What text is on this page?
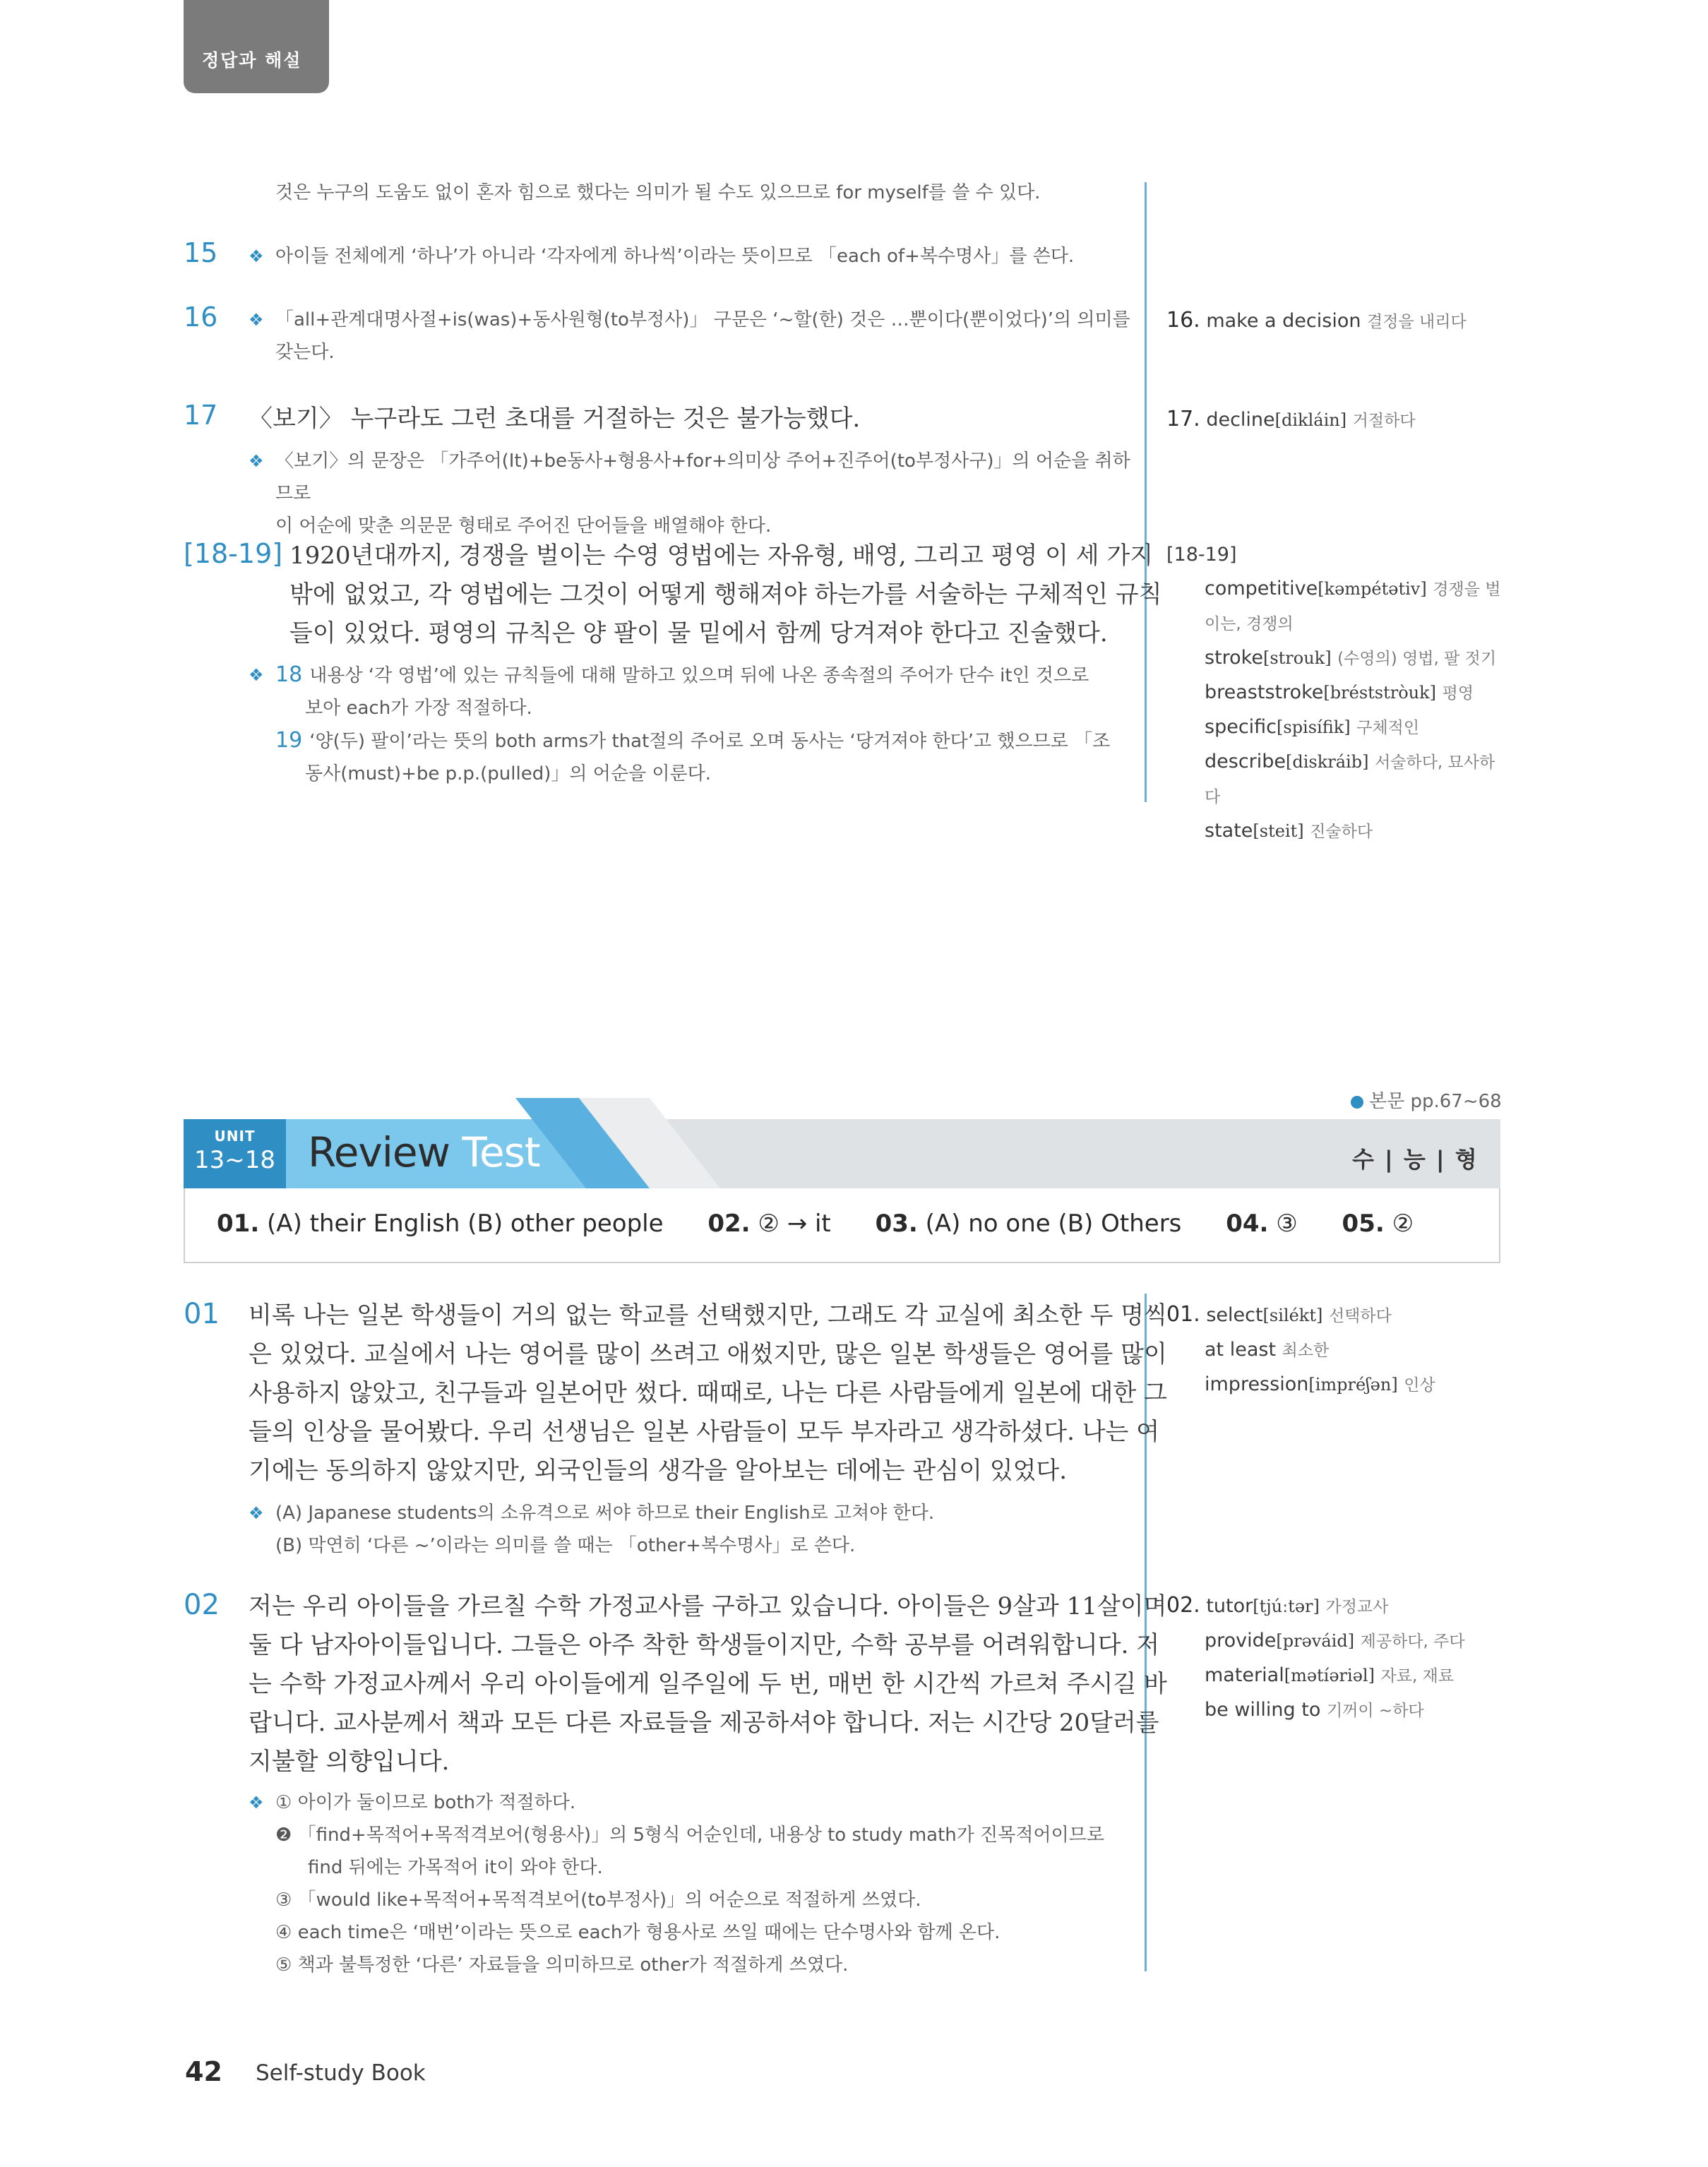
정답과 해설
것은 누구의 도움도 없이 혼자 힘으로 했다는 의미가 될 수도 있으므로 for myself를 쓸 수 있다.
15 ❖ 아이들 전체에게 ‘하나’가 아니라 ‘각자에게 하나씩’이라는 뜻이므로 「each of+복수명사」를 쓴다.
16 ❖ 「all+관계대명사절+is(was)+동사원형(to부정사)」 구문은 ‘~할(한) 것은 …뿐이다(뿐이었다)’의 의미를
갖는다.
16. make a decision 결정을 내리다
17 〈보기〉 누구라도 그런 초대를 거절하는 것은 불가능했다.
❖ 〈보기〉의 문장은 「가주어(It)+be동사+형용사+for+의미상 주어+진주어(to부정사구)」의 어순을 취하므로
이 어순에 맞춘 의문문 형태로 주어진 단어들을 배열해야 한다.
17. decline[dikláin] 거절하다
[18-19] 1920년대까지, 경쟁을 벌이는 수영 영법에는 자유형, 배영, 그리고 평영 이 세 가지
밖에 없었고, 각 영법에는 그것이 어떻게 행해져야 하는가를 서술하는 구체적인 규칙
들이 있었다. 평영의 규칙은 양 팔이 물 밑에서 함께 당겨져야 한다고 진술했다.
❖ 18 내용상 ‘각 영법’에 있는 규칙들에 대해 말하고 있으며 뒤에 나온 종속절의 주어가 단수 it인 것으로
보아 each가 가장 적절하다.
19 ‘양(두) 팔이’라는 뜻의 both arms가 that절의 주어로 오며 동사는 ‘당겨져야 한다’고 했으므로 「조
동사(must)+be p.p.(pulled)」의 어순을 이룬다.
[18-19]
competitive[kəmpétətiv] 경쟁을 벌
이는, 경쟁의
stroke[strouk] (수영의) 영법, 팔 젓기
breaststroke[bréststròuk] 평영
specific[spisífik] 구체적인
describe[diskráib] 서술하다, 묘사하다
state[steit] 진술하다
본문 pp.67~68
UNIT
13~18 Review Test	수 | 능 | 형
01. (A) their English (B) other people 02. ② → it 03. (A) no one (B) Others 04. ③ 05. ②
01 비록 나는 일본 학생들이 거의 없는 학교를 선택했지만, 그래도 각 교실에 최소한 두 명씩
은 있었다. 교실에서 나는 영어를 많이 쓰려고 애썼지만, 많은 일본 학생들은 영어를 많이
사용하지 않았고, 친구들과 일본어만 썼다. 때때로, 나는 다른 사람들에게 일본에 대한 그
들의 인상을 물어봤다. 우리 선생님은 일본 사람들이 모두 부자라고 생각하셨다. 나는 여
기에는 동의하지 않았지만, 외국인들의 생각을 알아보는 데에는 관심이 있었다.
❖ (A) Japanese students의 소유격으로 써야 하므로 their English로 고쳐야 한다.
(B) 막연히 ‘다른 ~’이라는 의미를 쓸 때는 「other+복수명사」로 쓴다.
01. select[silékt] 선택하다
at least 최소한
impression[impréʃən] 인상
02 저는 우리 아이들을 가르칠 수학 가정교사를 구하고 있습니다. 아이들은 9살과 11살이며
둘 다 남자아이들입니다. 그들은 아주 착한 학생들이지만, 수학 공부를 어려워합니다. 저
는 수학 가정교사께서 우리 아이들에게 일주일에 두 번, 매번 한 시간씩 가르쳐 주시길 바
랍니다. 교사분께서 책과 모든 다른 자료들을 제공하셔야 합니다. 저는 시간당 20달러를
지불할 의향입니다.
❖ ① 아이가 둘이므로 both가 적절하다.
❷ 「find+목적어+목적격보어(형용사)」의 5형식 어순인데, 내용상 to study math가 진목적어이므로
find 뒤에는 가목적어 it이 와야 한다.
③ 「would like+목적어+목적격보어(to부정사)」의 어순으로 적절하게 쓰였다.
④ each time은 ‘매번’이라는 뜻으로 each가 형용사로 쓰일 때에는 단수명사와 함께 온다.
⑤ 책과 불특정한 ‘다른’ 자료들을 의미하므로 other가 적절하게 쓰였다.
02. tutor[tjúːtər] 가정교사
provide[prəváid] 제공하다, 주다
material[mətíəriəl] 자료, 재료
be willing to 기꺼이 ~하다
42 Self-study Book
